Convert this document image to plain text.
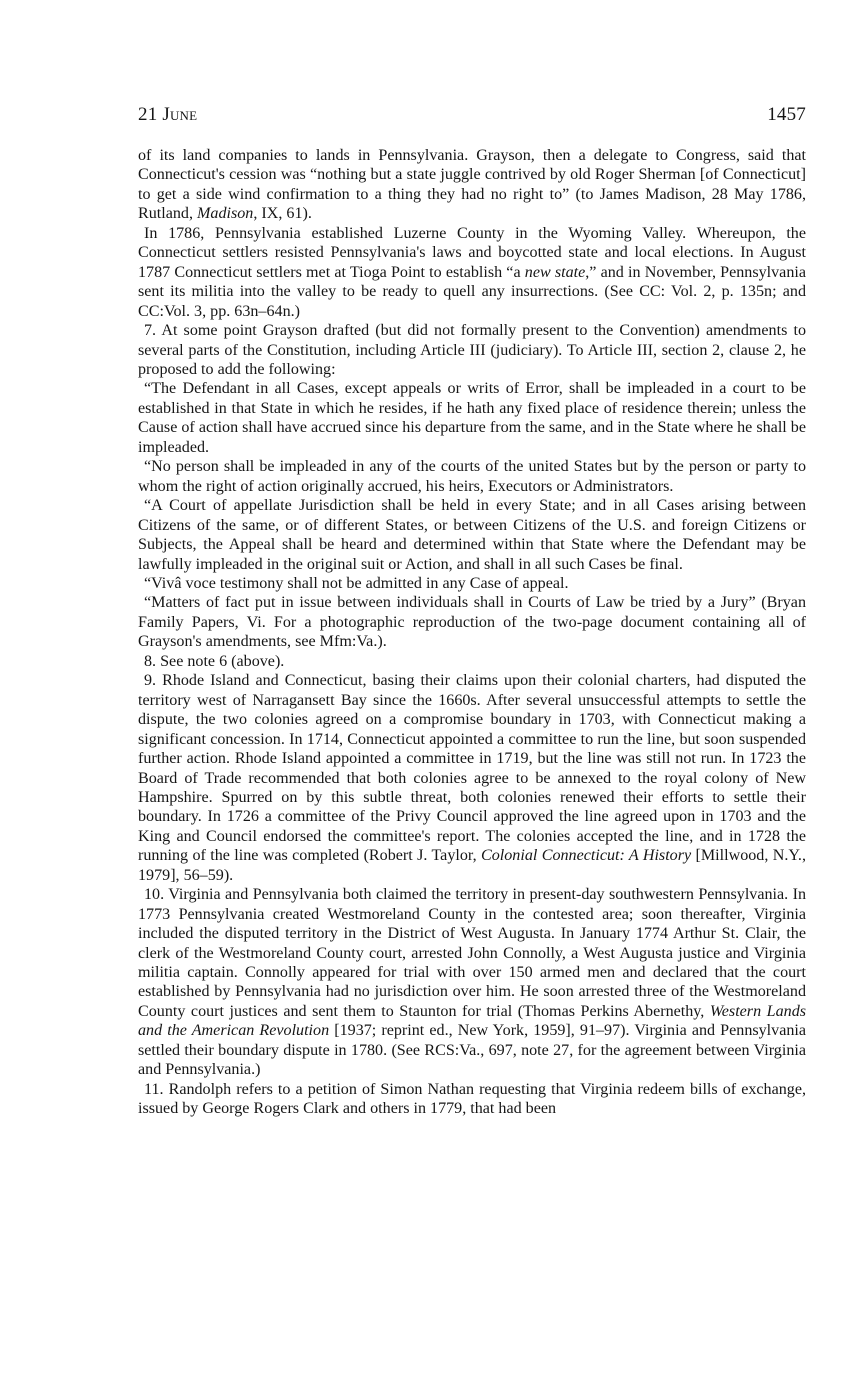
21 June	1457

of its land companies to lands in Pennsylvania. Grayson, then a delegate to Congress, said that Connecticut's cession was “nothing but a state juggle contrived by old Roger Sherman [of Connecticut] to get a side wind confirmation to a thing they had no right to” (to James Madison, 28 May 1786, Rutland, Madison, IX, 61).

In 1786, Pennsylvania established Luzerne County in the Wyoming Valley. Whereupon, the Connecticut settlers resisted Pennsylvania's laws and boycotted state and local elections. In August 1787 Connecticut settlers met at Tioga Point to establish “a new state,” and in November, Pennsylvania sent its militia into the valley to be ready to quell any insurrections. (See CC: Vol. 2, p. 135n; and CC:Vol. 3, pp. 63n–64n.)

7. At some point Grayson drafted (but did not formally present to the Convention) amendments to several parts of the Constitution, including Article III (judiciary). To Article III, section 2, clause 2, he proposed to add the following:

“The Defendant in all Cases, except appeals or writs of Error, shall be impleaded in a court to be established in that State in which he resides, if he hath any fixed place of residence therein; unless the Cause of action shall have accrued since his departure from the same, and in the State where he shall be impleaded.

“No person shall be impleaded in any of the courts of the united States but by the person or party to whom the right of action originally accrued, his heirs, Executors or Administrators.

“A Court of appellate Jurisdiction shall be held in every State; and in all Cases arising between Citizens of the same, or of different States, or between Citizens of the U.S. and foreign Citizens or Subjects, the Appeal shall be heard and determined within that State where the Defendant may be lawfully impleaded in the original suit or Action, and shall in all such Cases be final.

“Vivâ voce testimony shall not be admitted in any Case of appeal.

“Matters of fact put in issue between individuals shall in Courts of Law be tried by a Jury” (Bryan Family Papers, Vi. For a photographic reproduction of the two-page document containing all of Grayson's amendments, see Mfm:Va.).

8. See note 6 (above).

9. Rhode Island and Connecticut, basing their claims upon their colonial charters, had disputed the territory west of Narragansett Bay since the 1660s. After several unsuccessful attempts to settle the dispute, the two colonies agreed on a compromise boundary in 1703, with Connecticut making a significant concession. In 1714, Connecticut appointed a committee to run the line, but soon suspended further action. Rhode Island appointed a committee in 1719, but the line was still not run. In 1723 the Board of Trade recommended that both colonies agree to be annexed to the royal colony of New Hampshire. Spurred on by this subtle threat, both colonies renewed their efforts to settle their boundary. In 1726 a committee of the Privy Council approved the line agreed upon in 1703 and the King and Council endorsed the committee's report. The colonies accepted the line, and in 1728 the running of the line was completed (Robert J. Taylor, Colonial Connecticut: A History [Millwood, N.Y., 1979], 56–59).

10. Virginia and Pennsylvania both claimed the territory in present-day southwestern Pennsylvania. In 1773 Pennsylvania created Westmoreland County in the contested area; soon thereafter, Virginia included the disputed territory in the District of West Augusta. In January 1774 Arthur St. Clair, the clerk of the Westmoreland County court, arrested John Connolly, a West Augusta justice and Virginia militia captain. Connolly appeared for trial with over 150 armed men and declared that the court established by Pennsylvania had no jurisdiction over him. He soon arrested three of the Westmoreland County court justices and sent them to Staunton for trial (Thomas Perkins Abernethy, Western Lands and the American Revolution [1937; reprint ed., New York, 1959], 91–97). Virginia and Pennsylvania settled their boundary dispute in 1780. (See RCS:Va., 697, note 27, for the agreement between Virginia and Pennsylvania.)

11. Randolph refers to a petition of Simon Nathan requesting that Virginia redeem bills of exchange, issued by George Rogers Clark and others in 1779, that had been
